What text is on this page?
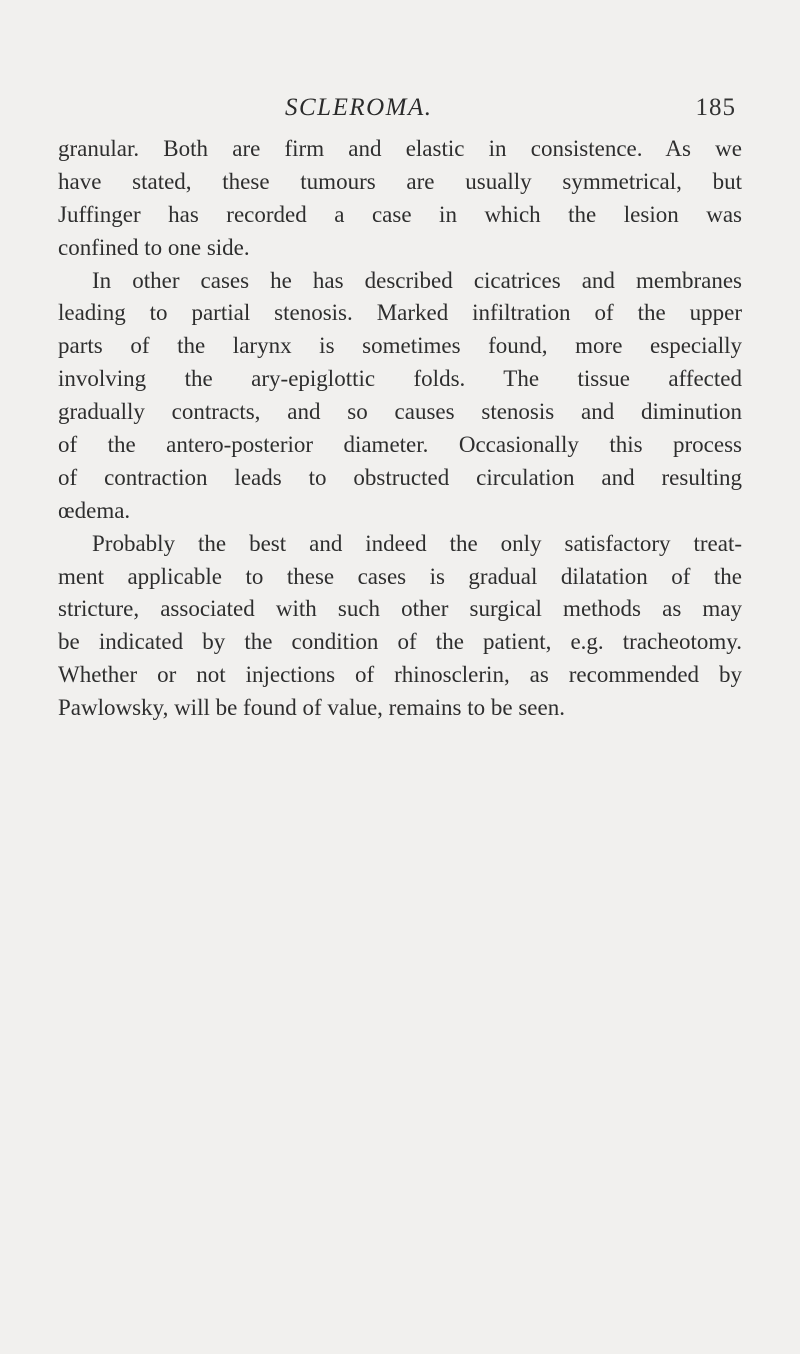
SCLEROMA.	185
granular. Both are firm and elastic in consistence. As we
have stated, these tumours are usually symmetrical, but
Juffinger has recorded a case in which the lesion was
confined to one side.
In other cases he has described cicatrices and membranes
leading to partial stenosis. Marked infiltration of the upper
parts of the larynx is sometimes found, more especially
involving the ary-epiglottic folds. The tissue affected
gradually contracts, and so causes stenosis and diminution
of the antero-posterior diameter. Occasionally this process
of contraction leads to obstructed circulation and resulting
œdema.
Probably the best and indeed the only satisfactory treat-
ment applicable to these cases is gradual dilatation of the
stricture, associated with such other surgical methods as may
be indicated by the condition of the patient, e.g. tracheotomy.
Whether or not injections of rhinosclerin, as recommended by
Pawlowsky, will be found of value, remains to be seen.
